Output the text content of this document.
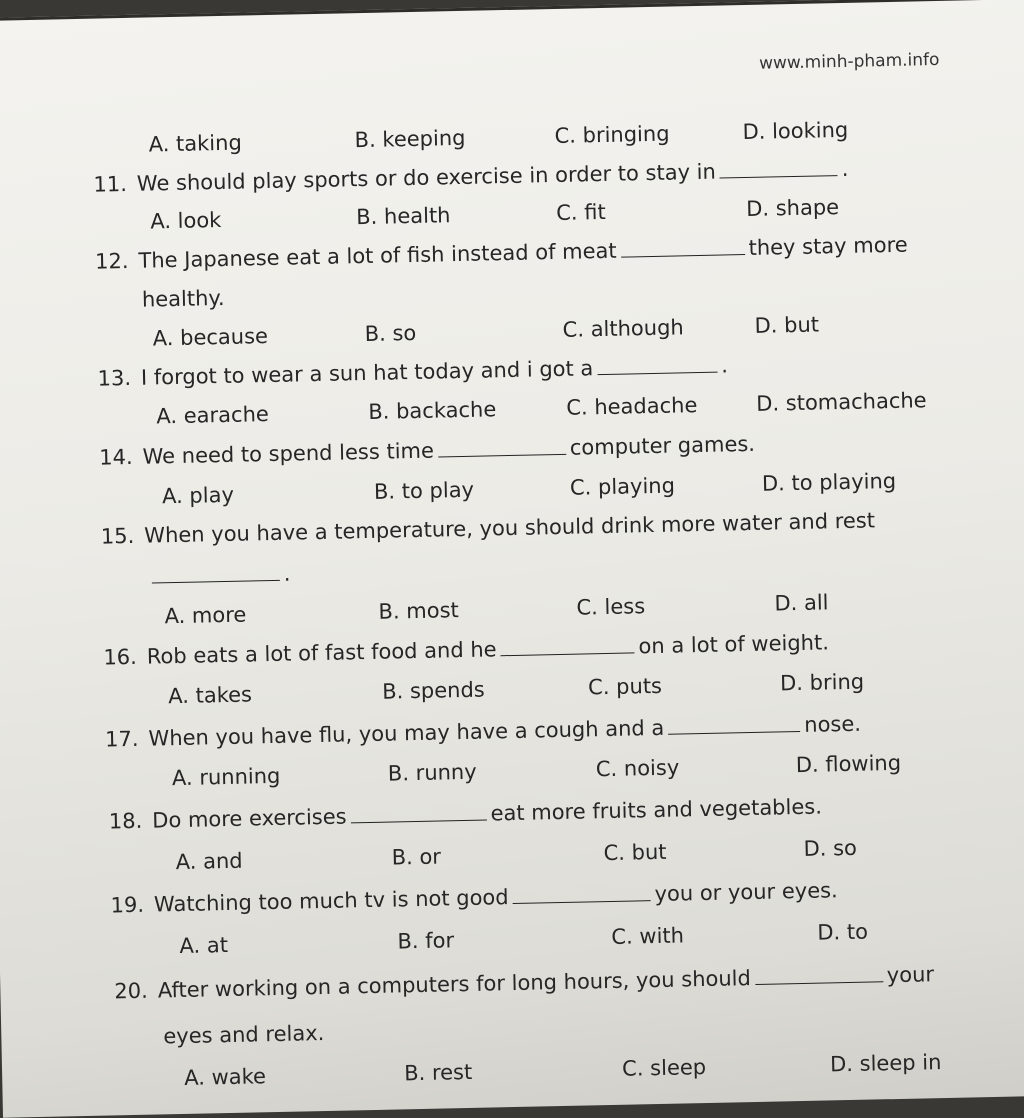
www.minh-pham.info
A. taking	B. keeping	C. bringing	D. looking
11. We should play sports or do exercise in order to stay in	.
A. look	B. health	C. fit	D. shape
12. The Japanese eat a lot of fish instead of meat	they stay more
healthy.
A. because	B. so	C. although	D. but
13. I forgot to wear a sun hat today and i got a	.
A. earache	B. backache	C. headache	D. stomachache
14. We need to spend less time	computer games.
A. play	B. to play	C. playing	D. to playing
15. When you have a temperature, you should drink more water and rest
.
A. more	B. most	C. less	D. all
16. Rob eats a lot of fast food and he	on a lot of weight.
A. takes	B. spends	C. puts	D. bring
17. When you have flu, you may have a cough and a	nose.
A. running	B. runny	C. noisy	D. flowing
18. Do more exercises	eat more fruits and vegetables.
A. and	B. or	C. but	D. so
19. Watching too much tv is not good	you or your eyes.
A. at	B. for	C. with	D. to
20. After working on a computers for long hours, you should	your
eyes and relax.
A. wake	B. rest	C. sleep	D. sleep in
